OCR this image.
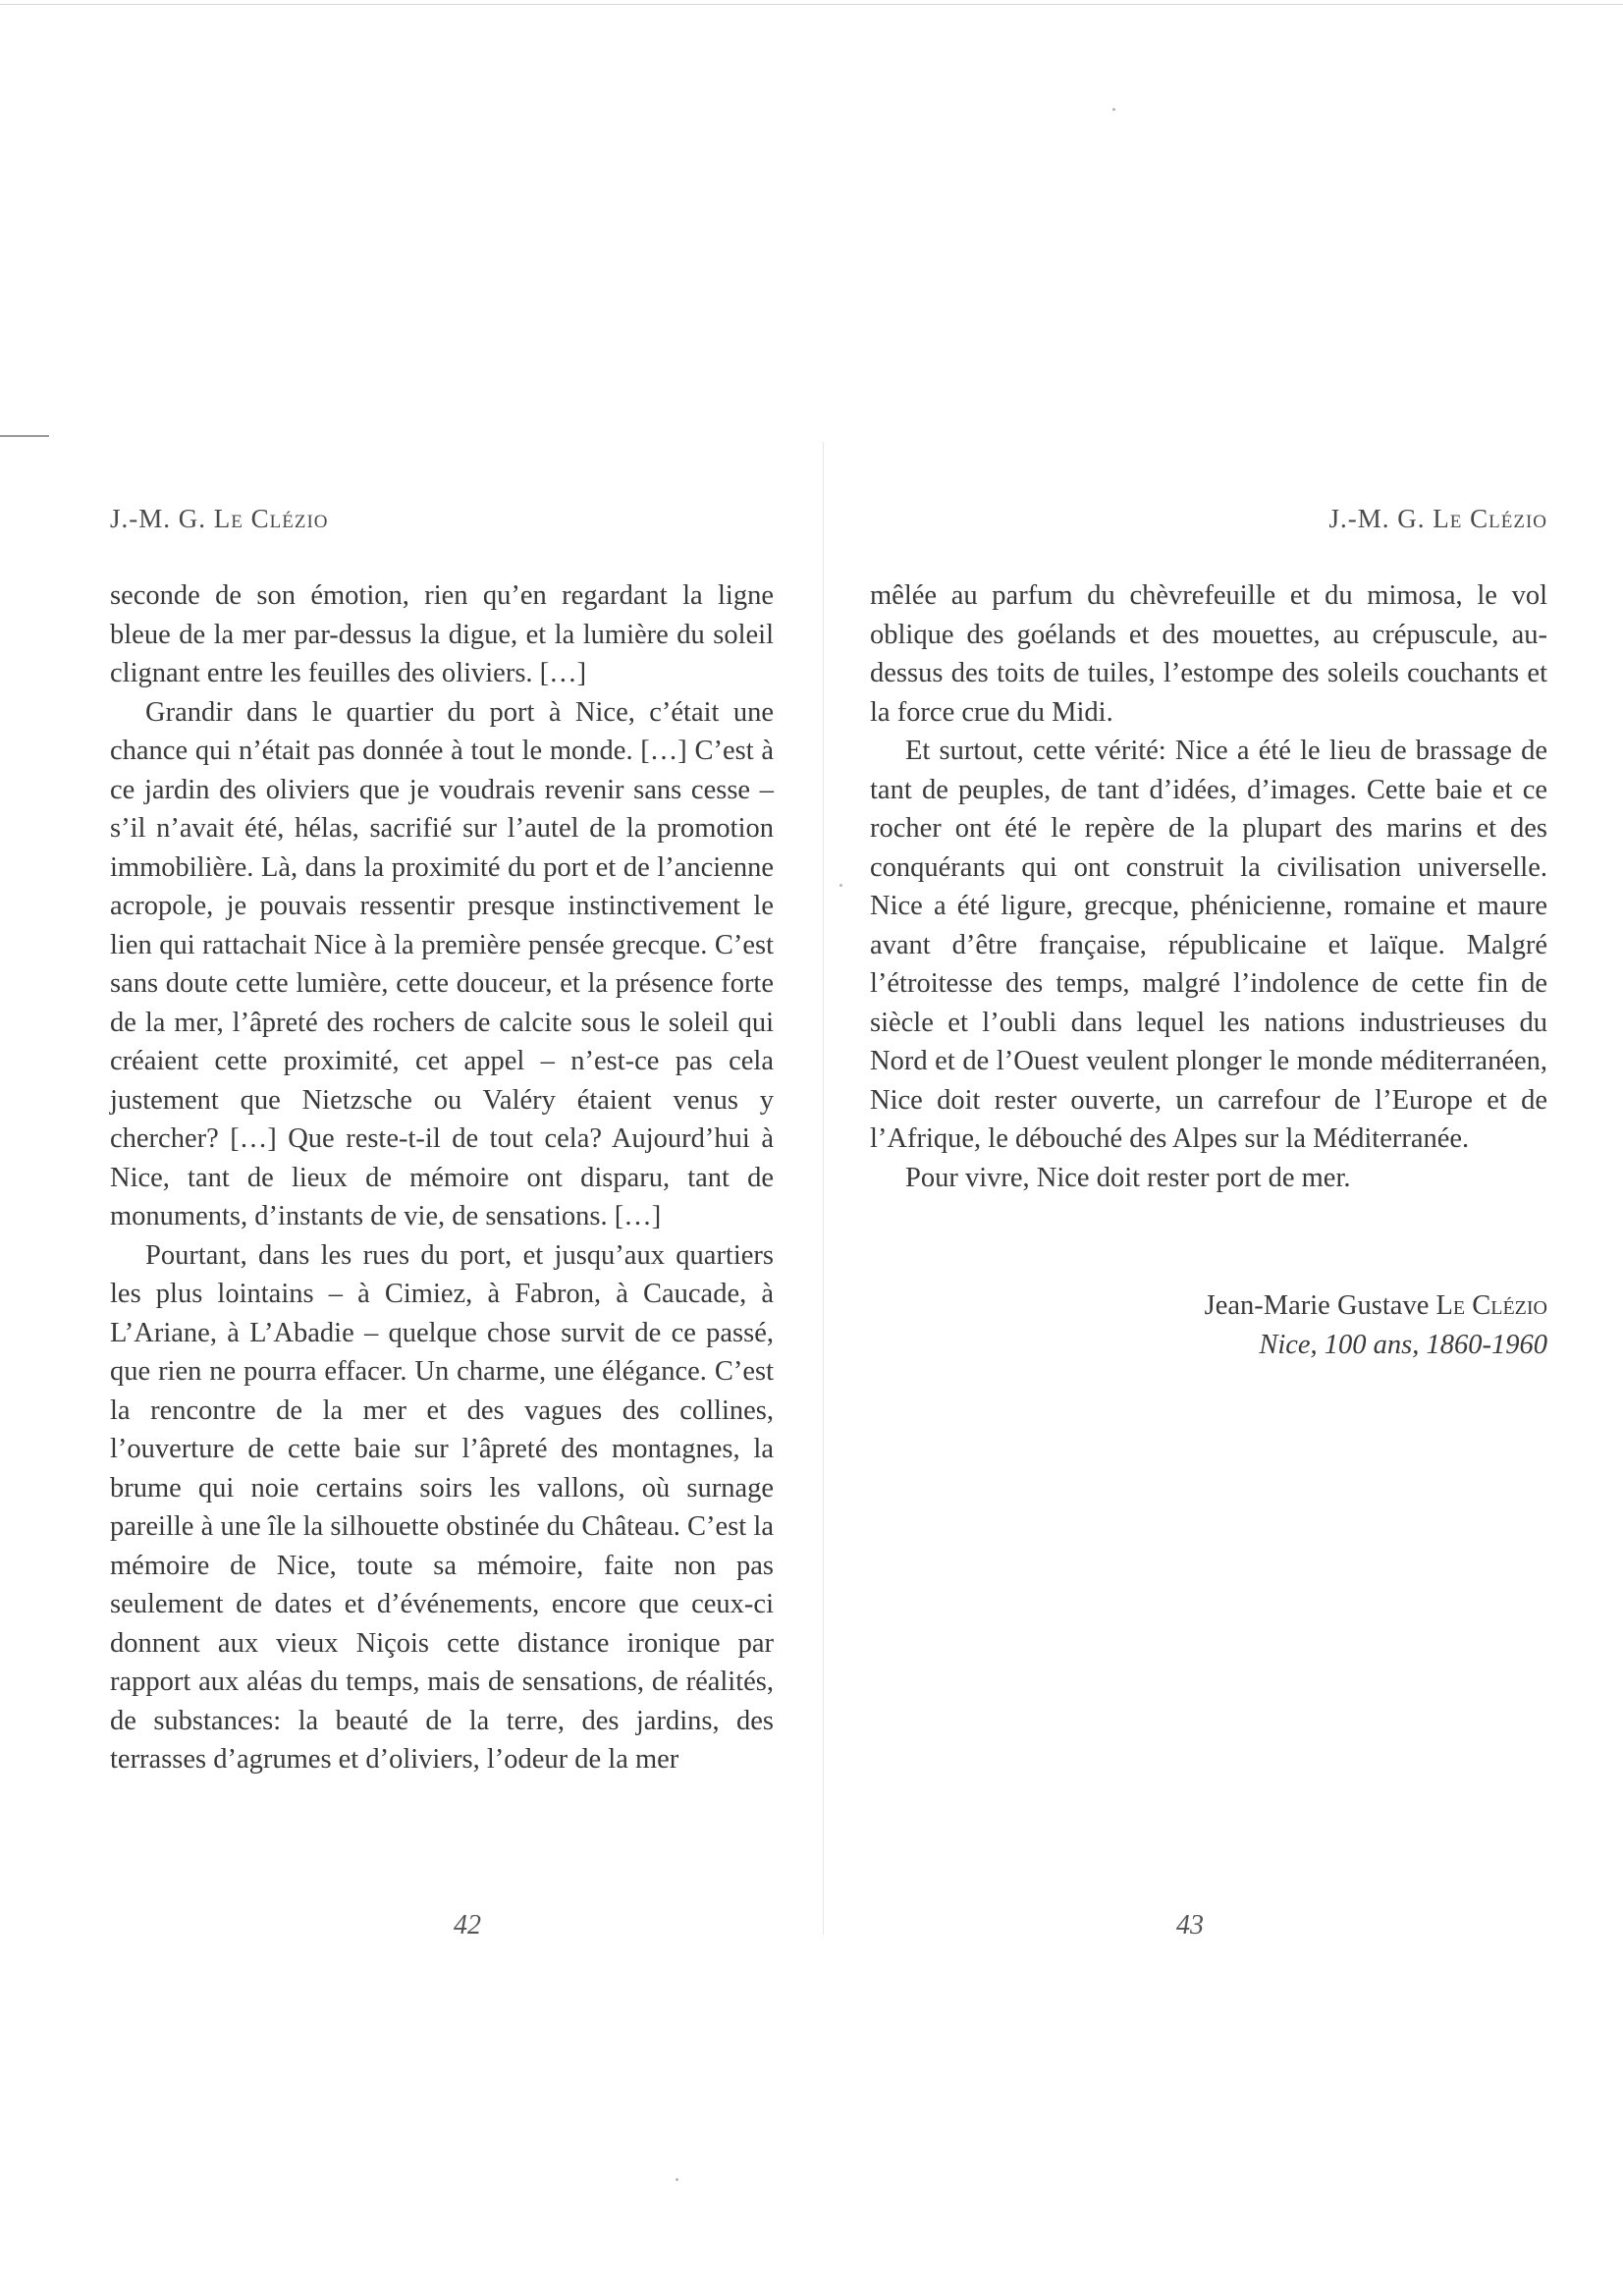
J.-M. G. Le Clézio

seconde de son émotion, rien qu’en regardant la ligne bleue de la mer par-dessus la digue, et la lumière du soleil clignant entre les feuilles des oliviers. […]

Grandir dans le quartier du port à Nice, c’était une chance qui n’était pas donnée à tout le monde. […] C’est à ce jardin des oliviers que je voudrais revenir sans cesse – s’il n’avait été, hélas, sacrifié sur l’autel de la promotion immobilière. Là, dans la proximité du port et de l’ancienne acropole, je pouvais ressentir presque instinctivement le lien qui rattachait Nice à la première pensée grecque. C’est sans doute cette lumière, cette douceur, et la présence forte de la mer, l’âpreté des rochers de calcite sous le soleil qui créaient cette proximité, cet appel – n’est-ce pas cela justement que Nietzsche ou Valéry étaient venus y chercher? […] Que reste-t-il de tout cela? Aujourd’hui à Nice, tant de lieux de mémoire ont disparu, tant de monuments, d’instants de vie, de sensations. […]

Pourtant, dans les rues du port, et jusqu’aux quartiers les plus lointains – à Cimiez, à Fabron, à Caucade, à L’Ariane, à L’Abadie – quelque chose survit de ce passé, que rien ne pourra effacer. Un charme, une élégance. C’est la rencontre de la mer et des vagues des collines, l’ouverture de cette baie sur l’âpreté des montagnes, la brume qui noie certains soirs les vallons, où surnage pareille à une île la silhouette obstinée du Château. C’est la mémoire de Nice, toute sa mémoire, faite non pas seulement de dates et d’événements, encore que ceux-ci donnent aux vieux Niçois cette distance ironique par rapport aux aléas du temps, mais de sensations, de réalités, de substances: la beauté de la terre, des jardins, des terrasses d’agrumes et d’oliviers, l’odeur de la mer

42
J.-M. G. Le Clézio

mêlée au parfum du chèvrefeuille et du mimosa, le vol oblique des goélands et des mouettes, au crépuscule, au-dessus des toits de tuiles, l’estompe des soleils couchants et la force crue du Midi.

Et surtout, cette vérité: Nice a été le lieu de brassage de tant de peuples, de tant d’idées, d’images. Cette baie et ce rocher ont été le repère de la plupart des marins et des conquérants qui ont construit la civilisation universelle. Nice a été ligure, grecque, phénicienne, romaine et maure avant d’être française, républicaine et laïque. Malgré l’étroitesse des temps, malgré l’indolence de cette fin de siècle et l’oubli dans lequel les nations industrieuses du Nord et de l’Ouest veulent plonger le monde méditerranéen, Nice doit rester ouverte, un carrefour de l’Europe et de l’Afrique, le débouché des Alpes sur la Méditerranée.

Pour vivre, Nice doit rester port de mer.

Jean-Marie Gustave Le Clézio
Nice, 100 ans, 1860-1960
43
